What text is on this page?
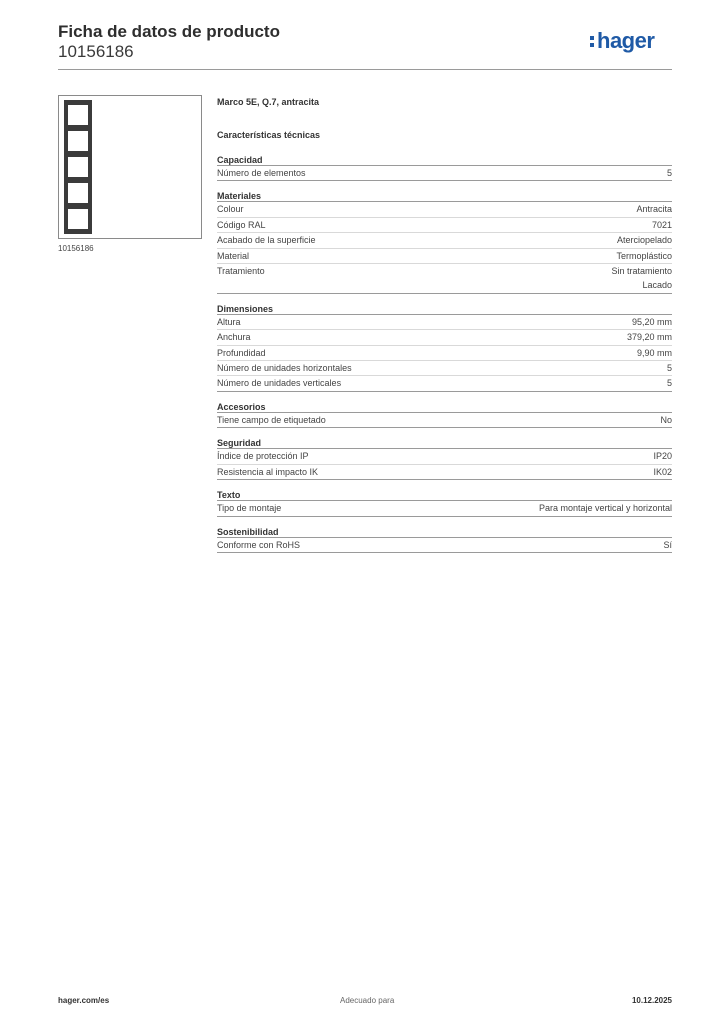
Ficha de datos de producto
10156186	hager
10156186
Marco 5E, Q.7, antracita
Características técnicas
Capacidad
Número de elementos	5
Materiales
Colour	Antracita
Código RAL	7021
Acabado de la superficie	Aterciopelado
Material	Termoplástico
Tratamiento	Sin tratamiento
Lacado
Dimensiones
Altura	95,20 mm
Anchura	379,20 mm
Profundidad	9,90 mm
Número de unidades horizontales	5
Número de unidades verticales	5
Accesorios
Tiene campo de etiquetado	No
Seguridad
Índice de protección IP	IP20
Resistencia al impacto IK	IK02
Texto
Tipo de montaje	Para montaje vertical y horizontal
Sostenibilidad
Conforme con RoHS	Sí
hager.com/es	Adecuado para	10.12.2025
